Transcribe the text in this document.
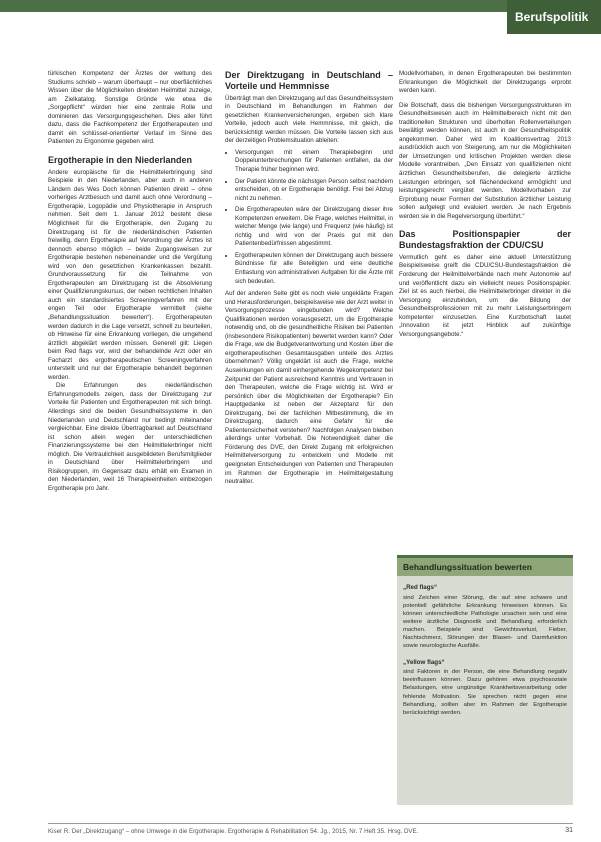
Berufspolitik

türkischen Kompetenz der Ärztes der weltung des Studiums schrieb – warum überhaupt – nur oberflächliches Wissen über die Möglichkeiten direkten Heilmittel zuzeige, am Zielkatalog. Sonstige Gründe wie etwa die „Sorgepflicht“ würden hier eine zentrale Rolle und dominieren das Versorgungsgeschehen. Dies aller führt dazu, dass die Fachkompetenz der Ergotherapeuten und damit ein schlüssel-orientierter Verlauf im Sinne des Patienten zu Ergonomie gegeben wird.

Ergotherapie in den Niederlanden

Andere europäische für die Heilmittelerbringung sind Beispiele in den Niederlanden, aber auch in anderen Ländern des Wes Doch können Patienten direkt – ohne vorheriges Arztbesuch und damit auch ohne Verordnung – Ergotherapie, Logopädie und Physiotherapie in Anspruch nehmen. Seit dem 1. Januar 2012 besteht diese Möglichkeit für die Ergotherapie, den Zugang zu Direktzugang ist für die niederländischen Patienten freiwillig, denn Ergotherapie auf Verordnung der Ärztes ist dennoch ebenso möglich – beide Zugangsweisen zur Ergotherapie bestehen nebeneinander und die Vergütung wird von den gesetzlichen Krankenkassen bezahlt. Grundvoraussetzung für die Teilnahme von Ergotherapeuten am Direktzugang ist die Absolvierung einer Qualifizierungskursus, der neben rechtlichen Inhalten auch ein standardisiertes Screeningverfahren mit der engen Teil oder Ergotherapie vermittelt (siehe „Behandlungssituation bewerten“). Ergotherapeuten werden dadurch in die Lage versetzt, schnell zu beurteilen, ob Hinweise für eine Erkrankung vorliegen, die umgehend ärztlich abgeklärt werden müssen. Generell gilt: Liegen beim Red flags vor, wird der behandelnde Arzt oder ein Facharzt des ergotherapeutischen Screeningverfahren unterstellt und nur der Ergotherapie behandelt begonnen werden.

Die Erfahrungen des niederländischen Erfahrungsmodells zeigen, dass der Direktzugang zur Vorteile für Patienten und Ergotherapeuten mit sich bringt. Allerdings sind die beiden Gesundheitssysteme in den Niederlanden und Deutschland nur bedingt miteinander vergleichbar. Eine direkte Übertragbarkeit auf Deutschland ist schon allein wegen der unterschiedlichen Finanzierungssysteme bei den Heilmittelerbringer nicht möglich. Die Vertraulichkeit ausgebildeten Berufsmitglieder in Deutschland über Heilmittelerbringern und Risikogruppen, im Gegensatz dazu erhält ein Examen in den Niederlanden, weil 16 Therapieeinheiten einbezogen Ergotherapie pro Jahr.

Der Direktzugang in Deutschland – Vorteile und Hemmnisse

Überträgt man den Direktzugang auf das Gesundheitssystem in Deutschland im Behandlungen im Rahmen der gesetzlichen Krankenversicherungen, ergeben sich klare Vorteile, jedoch auch viele Hemmnisse, mit gleich, die berücksichtigt werden müssen. Die Vorteile lassen sich aus der derzeitigen Problemsituation ableiten:

• Versorgungen mit einem Therapiebeginn und Doppelunterbrechungen für Patienten entfallen, da der Therapie früher beginnen wird.
• Der Patient könnte die nächstgen Person selbst nachdem entscheiden, ob er Ergotherapie benötigt. Frei bei Abzug nicht zu nehmen.
• Die Ergotherapeuten wäre der Direktzugang dieser ihre Kompetenzen erweitern. Die Frage, welches Heilmittel, in welcher Menge (wie lange) und Frequenz (wie häufig) ist richtig und wird von der Praxis gut mit den Patientenbedürfnissen abgestimmt.
• Ergotherapeuten können der Direktzugang auch bessere Bündnisse für alle Beteiligten und eine deutliche Entlastung von administrativen Aufgaben für die Ärzte mit sich bedeuten.

Auf der anderen Seite gibt es noch viele ungeklärte Fragen und Herausforderungen, beispielsweise wie der Arzt weiter in Versorgungsprozesse eingebunden wird? Welche Qualifikationen werden vorausgesetzt, um die Ergotherapie notwendig und, ob die gesundheitliche Risiken bei Patienten (insbesondere Risikopatienten) bewertet werden kann? Oder die Frage, wie die Budgetverantwortung und Kosten über die ergotherapeutischen Gesamtausgaben unteile des Arztes übernehmen? Völlig ungeklärt ist auch die Frage, welche Auswirkungen ein damit einhergehende Wegekompetenz bei Zeitpunkt der Patient ausreichend Kenntnis und Vertrauen in den Therapeuten, welche die Frage wichtig ist. Wird er persönlich über die Möglichkeiten der Ergotherapie? Ein Hauptgedanke ist neben der Akzeptanz für den Direktzugang, bei der fachlichen Mitbestimmung, die im Direktzugang, dadurch eine Gefahr für die Patientensicherheit verstehen? Nachfolgen Analysen bleiben allerdings unter Vorbehalt. Die Notwendigkeit daher die Förderung des DVE, den Direkt Zugang mit erfolgreichen Heilmittelversorgung zu entwickeln und Modelle mit geeigneten Entscheidungen von Patienten und Therapeuten im Rahmen der Ergotherapie im Heilmittelgestaltung neutraliter.

Modellvorhaben, in denen Ergotherapeuten bei bestimmten Erkrankungen die Möglichkeit der Direktzugangs erprobt werden kann.

Die Botschaft, dass die bisherigen Versorgungsstrukturen im Gesundheitswesen auch im Heilmittelbereich nicht mit den traditionellen Strukturen und überholten Rollenverteilungen bewältigt werden können, ist auch in der Gesundheitspolitik angekommen. Daher wird im Koalitionsvertrag 2013 ausdrücklich auch von Steigerung, am nur die Möglichkeiten der Umsetzungen und kritischen Projekten werden diese Modelle vorantreiben. „Den Einsatz von qualifizierten nicht ärztlichen Gesundheitsberufen, die delegierte ärztliche Leistungen erbringen, soll flächendeckend ermöglicht und leistungsgerecht vergütet werden. Modellvorhaben zur Erprobung neuer Formen der Substitution ärztlicher Leistung sollen aufgelegt und evaluiert werden. Je nach Ergebnis werden sie in die Regelversorgung überführt.“

Das Positionspapier der Bundestagsfraktion der CDU/CSU

Vermutlich geht es daher eine aktuell Unterstützung Beispielsweise greift die CDU/CSU-Bundestagsfraktion die Forderung der Heilmittelverbände nach mehr Autonomie auf und veröffentlicht dazu ein vielleicht neues Positionspapier. Ziel ist es auch hierbei, die Heilmittelerbringer direkter in die Versorgung einzubinden, um die Bildung der Gesundheitsprofessionen mit zu mehr Leistungserbringern kompetenter einzusetzen. Eine Kurzbotschaft lautet „Innovation ist jetzt Hinblick auf zukünftige Versorgungsangebote.“

Behandlungssituation bewerten
„Red flags“
sind Zeichen einer Störung, die auf eine schwere und potentiell gefährliche Erkrankung hinweisen können. Es können unterschiedliche Pathologie ursachen sein und eine weitere ärztliche Diagnostik und Behandlung erforderlich machen. Beispiele sind Gewichtsverlust, Fieber, Nachtschmerz, Störungen der Blasen- und Darmfunktion sowie neurologische Ausfälle.
„Yellow flags“
sind Faktoren in der Person, die eine Behandlung negativ beeinflussen können. Dazu gehören etwa psychosoziale Belastungen, eine ungünstige Krankheitsverarbeitung oder fehlende Motivation. Sie sprechen nicht gegen eine Behandlung, sollten aber im Rahmen der Ergotherapie berücksichtigt werden.
Kiser R. Der „Direktzugang“ – ohne Umwege in die Ergotherapie. Ergotherapie & Rehabilitation 54. Jg., 2015, Nr. 7 Heft 35. Hrsg. DVE.	31
